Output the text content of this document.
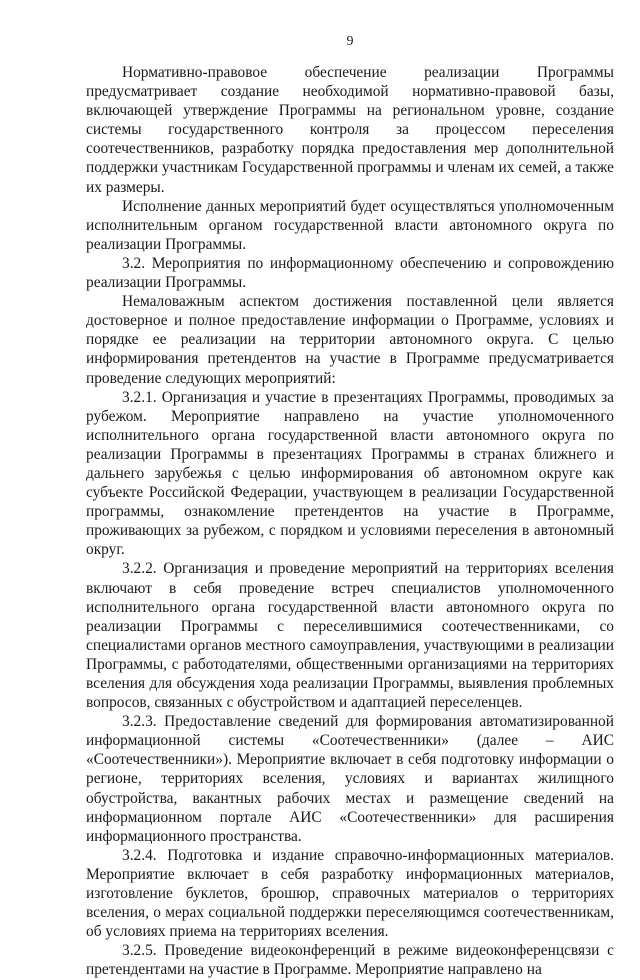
9

Нормативно-правовое обеспечение реализации Программы предусматривает создание необходимой нормативно-правовой базы, включающей утверждение Программы на региональном уровне, создание системы государственного контроля за процессом переселения соотечественников, разработку порядка предоставления мер дополнительной поддержки участникам Государственной программы и членам их семей, а также их размеры.

Исполнение данных мероприятий будет осуществляться уполномоченным исполнительным органом государственной власти автономного округа по реализации Программы.

3.2. Мероприятия по информационному обеспечению и сопровождению реализации Программы.

Немаловажным аспектом достижения поставленной цели является достоверное и полное предоставление информации о Программе, условиях и порядке ее реализации на территории автономного округа. С целью информирования претендентов на участие в Программе предусматривается проведение следующих мероприятий:

3.2.1. Организация и участие в презентациях Программы, проводимых за рубежом. Мероприятие направлено на участие уполномоченного исполнительного органа государственной власти автономного округа по реализации Программы в презентациях Программы в странах ближнего и дальнего зарубежья с целью информирования об автономном округе как субъекте Российской Федерации, участвующем в реализации Государственной программы, ознакомление претендентов на участие в Программе, проживающих за рубежом, с порядком и условиями переселения в автономный округ.

3.2.2. Организация и проведение мероприятий на территориях вселения включают в себя проведение встреч специалистов уполномоченного исполнительного органа государственной власти автономного округа по реализации Программы с переселившимися соотечественниками, со специалистами органов местного самоуправления, участвующими в реализации Программы, с работодателями, общественными организациями на территориях вселения для обсуждения хода реализации Программы, выявления проблемных вопросов, связанных с обустройством и адаптацией переселенцев.

3.2.3. Предоставление сведений для формирования автоматизированной информационной системы «Соотечественники» (далее – АИС «Соотечественники»). Мероприятие включает в себя подготовку информации о регионе, территориях вселения, условиях и вариантах жилищного обустройства, вакантных рабочих местах и размещение сведений на информационном портале АИС «Соотечественники» для расширения информационного пространства.

3.2.4. Подготовка и издание справочно-информационных материалов. Мероприятие включает в себя разработку информационных материалов, изготовление буклетов, брошюр, справочных материалов о территориях вселения, о мерах социальной поддержки переселяющимся соотечественникам, об условиях приема на территориях вселения.

3.2.5. Проведение видеоконференций в режиме видеоконференцсвязи с претендентами на участие в Программе. Мероприятие направлено на
